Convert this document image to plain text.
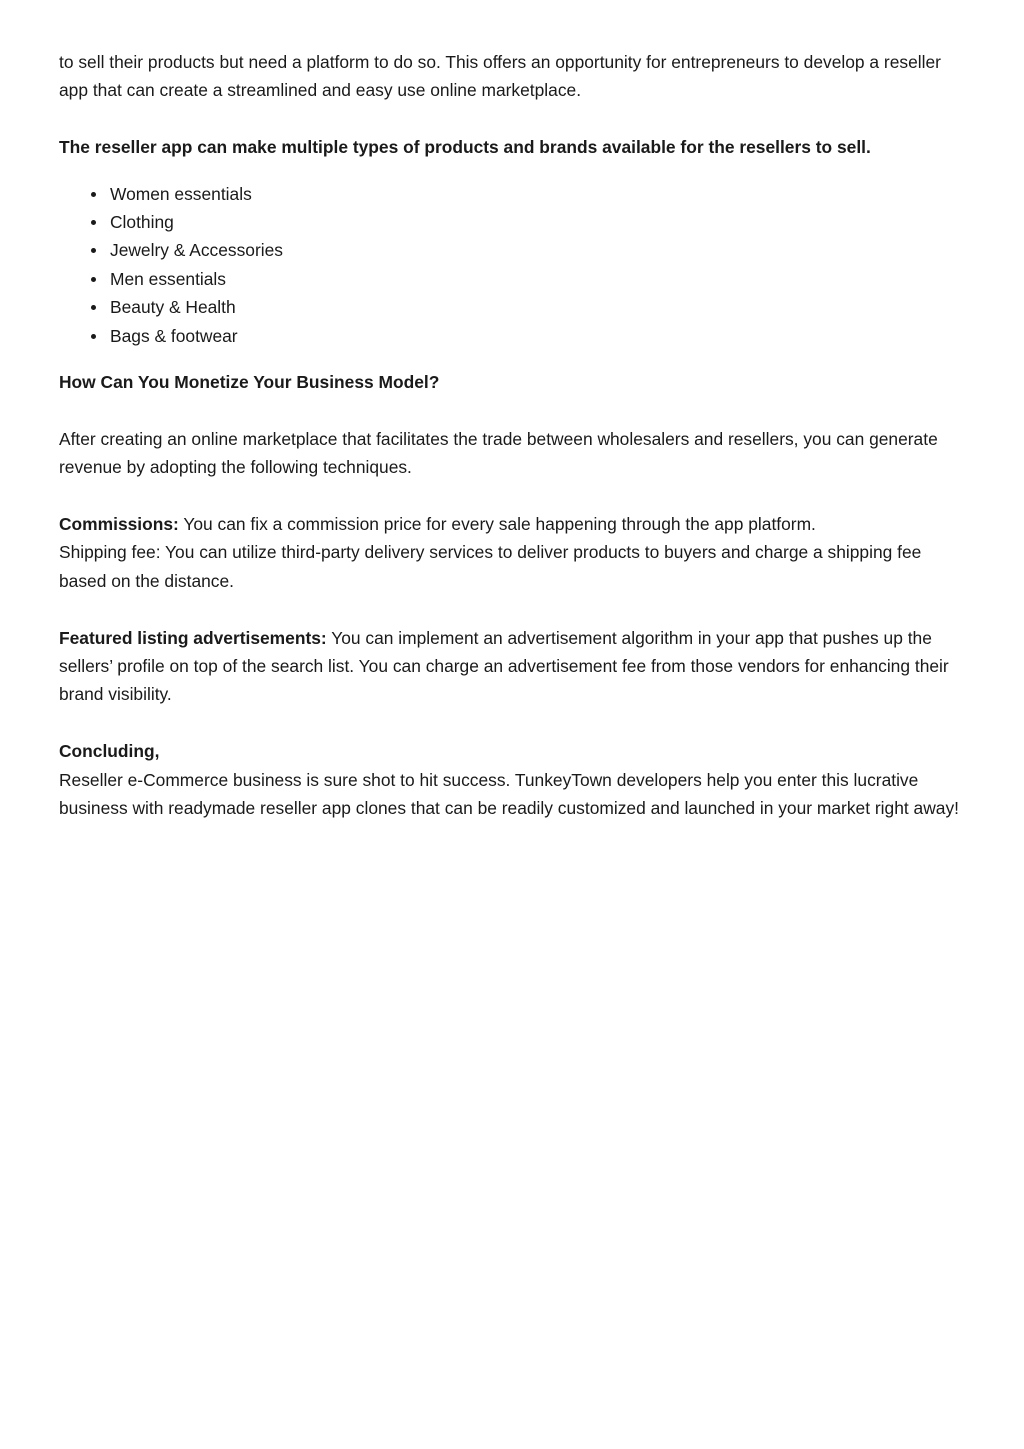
to sell their products but need a platform to do so. This offers an opportunity for entrepreneurs to develop a reseller app that can create a streamlined and easy use online marketplace.

The reseller app can make multiple types of products and brands available for the resellers to sell.

Women essentials
Clothing
Jewelry & Accessories
Men essentials
Beauty & Health
Bags & footwear

How Can You Monetize Your Business Model?

After creating an online marketplace that facilitates the trade between wholesalers and resellers, you can generate revenue by adopting the following techniques.

Commissions: You can fix a commission price for every sale happening through the app platform.

Shipping fee: You can utilize third-party delivery services to deliver products to buyers and charge a shipping fee based on the distance.

Featured listing advertisements: You can implement an advertisement algorithm in your app that pushes up the sellers’ profile on top of the search list. You can charge an advertisement fee from those vendors for enhancing their brand visibility.

Concluding,

Reseller e-Commerce business is sure shot to hit success. TunkeyTown developers help you enter this lucrative business with readymade reseller app clones that can be readily customized and launched in your market right away!
